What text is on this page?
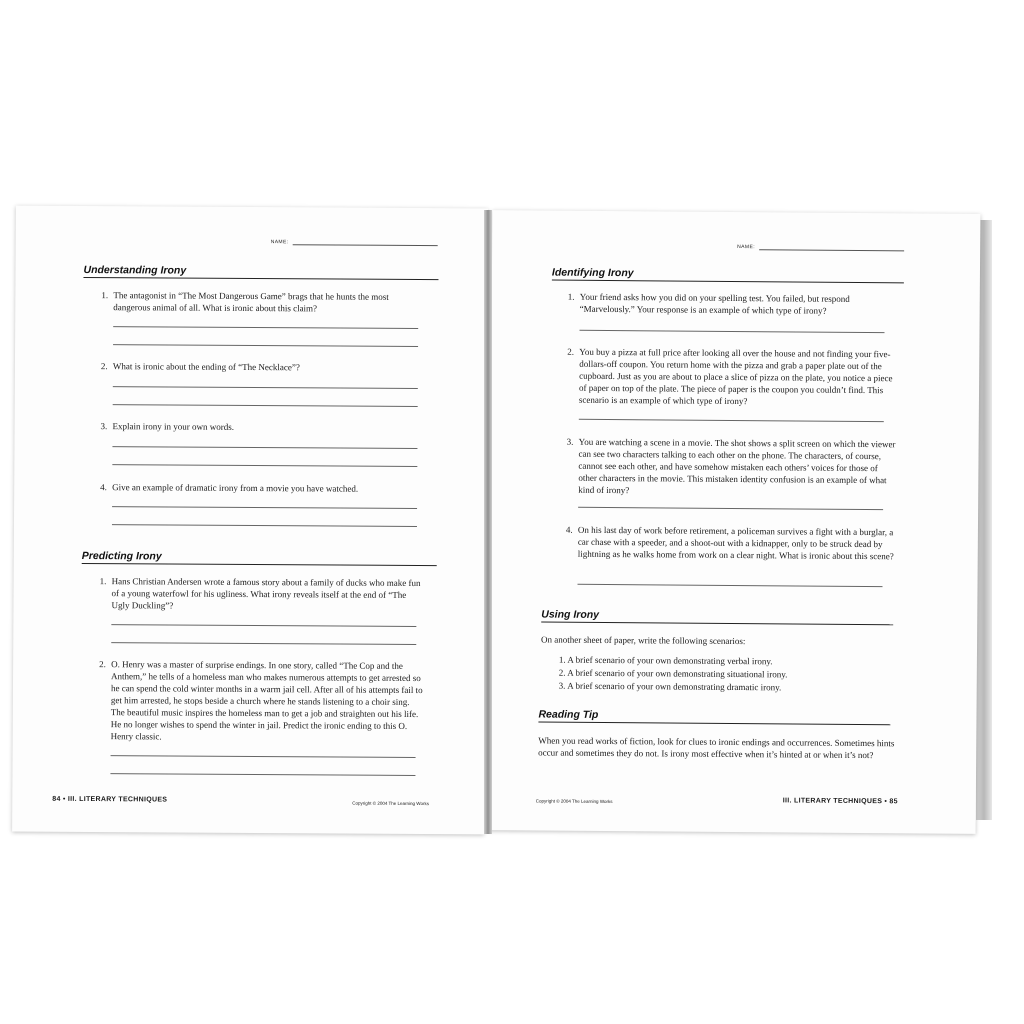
NAME:
Understanding Irony
1. The antagonist in “The Most Dangerous Game” brags that he hunts the most dangerous animal of all. What is ironic about this claim?
2. What is ironic about the ending of “The Necklace”?
3. Explain irony in your own words.
4. Give an example of dramatic irony from a movie you have watched.
Predicting Irony
1. Hans Christian Andersen wrote a famous story about a family of ducks who make fun of a young waterfowl for his ugliness. What irony reveals itself at the end of “The Ugly Duckling”?
2. O. Henry was a master of surprise endings. In one story, called “The Cop and the Anthem,” he tells of a homeless man who makes numerous attempts to get arrested so he can spend the cold winter months in a warm jail cell. After all of his attempts fail to get him arrested, he stops beside a church where he stands listening to a choir sing. The beautiful music inspires the homeless man to get a job and straighten out his life. He no longer wishes to spend the winter in jail. Predict the ironic ending to this O. Henry classic.
84 • III. LITERARY TECHNIQUES	Copyright © 2004 The Learning Works
NAME:
Identifying Irony
1. Your friend asks how you did on your spelling test. You failed, but respond “Marvelously.” Your response is an example of which type of irony?
2. You buy a pizza at full price after looking all over the house and not finding your five-dollars-off coupon. You return home with the pizza and grab a paper plate out of the cupboard. Just as you are about to place a slice of pizza on the plate, you notice a piece of paper on top of the plate. The piece of paper is the coupon you couldn’t find. This scenario is an example of which type of irony?
3. You are watching a scene in a movie. The shot shows a split screen on which the viewer can see two characters talking to each other on the phone. The characters, of course, cannot see each other, and have somehow mistaken each others’ voices for those of other characters in the movie. This mistaken identity confusion is an example of what kind of irony?
4. On his last day of work before retirement, a policeman survives a fight with a burglar, a car chase with a speeder, and a shoot-out with a kidnapper, only to be struck dead by lightning as he walks home from work on a clear night. What is ironic about this scene?
Using Irony
On another sheet of paper, write the following scenarios:
1. A brief scenario of your own demonstrating verbal irony.
2. A brief scenario of your own demonstrating situational irony.
3. A brief scenario of your own demonstrating dramatic irony.
Reading Tip
When you read works of fiction, look for clues to ironic endings and occurrences. Sometimes hints occur and sometimes they do not. Is irony most effective when it’s hinted at or when it’s not?
Copyright © 2004 The Learning Works	III. LITERARY TECHNIQUES • 85
